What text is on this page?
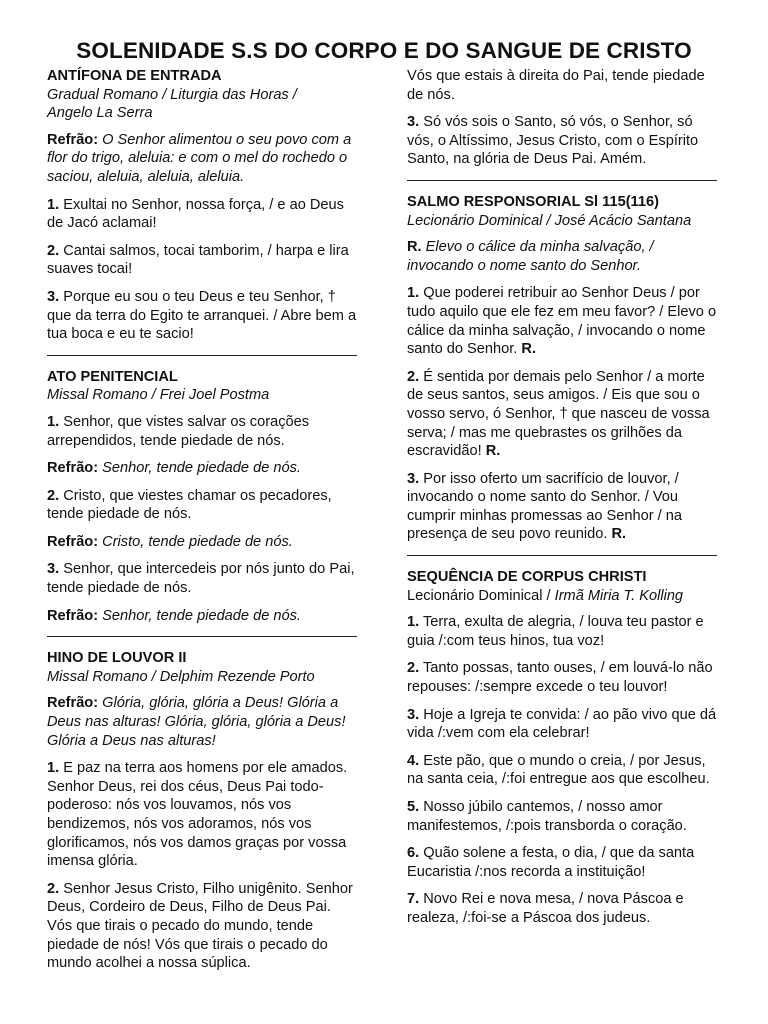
SOLENIDADE S.S DO CORPO E DO SANGUE DE CRISTO

ANTÍFONA DE ENTRADA

Gradual Romano / Liturgia das Horas /
Angelo La Serra

Refrão: O Senhor alimentou o seu povo com a flor do trigo, aleluia: e com o mel do rochedo o saciou, aleluia, aleluia, aleluia.

1. Exultai no Senhor, nossa força, / e ao Deus de Jacó aclamai!

2. Cantai salmos, tocai tamborim, / harpa e lira suaves tocai!

3. Porque eu sou o teu Deus e teu Senhor, † que da terra do Egito te arranquei. / Abre bem a tua boca e eu te sacio!

ATO PENITENCIAL

Missal Romano / Frei Joel Postma

1. Senhor, que vistes salvar os corações arrependidos, tende piedade de nós.

Refrão: Senhor, tende piedade de nós.

2. Cristo, que viestes chamar os pecadores, tende piedade de nós.

Refrão: Cristo, tende piedade de nós.

3. Senhor, que intercedeis por nós junto do Pai, tende piedade de nós.

Refrão: Senhor, tende piedade de nós.

HINO DE LOUVOR II

Missal Romano / Delphim Rezende Porto

Refrão: Glória, glória, glória a Deus! Glória a Deus nas alturas! Glória, glória, glória a Deus! Glória a Deus nas alturas!

1. E paz na terra aos homens por ele amados. Senhor Deus, rei dos céus, Deus Pai todo-poderoso: nós vos louvamos, nós vos bendizemos, nós vos adoramos, nós vos glorificamos, nós vos damos graças por vossa imensa glória.

2. Senhor Jesus Cristo, Filho unigênito. Senhor Deus, Cordeiro de Deus, Filho de Deus Pai. Vós que tirais o pecado do mundo, tende piedade de nós! Vós que tirais o pecado do mundo acolhei a nossa súplica.

Vós que estais à direita do Pai, tende piedade de nós.

3. Só vós sois o Santo, só vós, o Senhor, só vós, o Altíssimo, Jesus Cristo, com o Espírito Santo, na glória de Deus Pai. Amém.

SALMO RESPONSORIAL Sl 115(116)

Lecionário Dominical / José Acácio Santana

R. Elevo o cálice da minha salvação, / invocando o nome santo do Senhor.

1. Que poderei retribuir ao Senhor Deus / por tudo aquilo que ele fez em meu favor? / Elevo o cálice da minha salvação, / invocando o nome santo do Senhor. R.

2. É sentida por demais pelo Senhor / a morte de seus santos, seus amigos. / Eis que sou o vosso servo, ó Senhor, † que nasceu de vossa serva; / mas me quebrastes os grilhões da escravidão! R.

3. Por isso oferto um sacrifício de louvor, / invocando o nome santo do Senhor. / Vou cumprir minhas promessas ao Senhor / na presença de seu povo reunido. R.

SEQUÊNCIA DE CORPUS CHRISTI

Lecionário Dominical / Irmã Miria T. Kolling

1. Terra, exulta de alegria, / louva teu pastor e guia /:com teus hinos, tua voz!

2. Tanto possas, tanto ouses, / em louvá-lo não repouses: /:sempre excede o teu louvor!

3. Hoje a Igreja te convida: / ao pão vivo que dá vida /:vem com ela celebrar!

4. Este pão, que o mundo o creia, / por Jesus, na santa ceia, /:foi entregue aos que escolheu.

5. Nosso júbilo cantemos, / nosso amor manifestemos, /:pois transborda o coração.

6. Quão solene a festa, o dia, / que da santa Eucaristia /:nos recorda a instituição!

7. Novo Rei e nova mesa, / nova Páscoa e realeza, /:foi-se a Páscoa dos judeus.
